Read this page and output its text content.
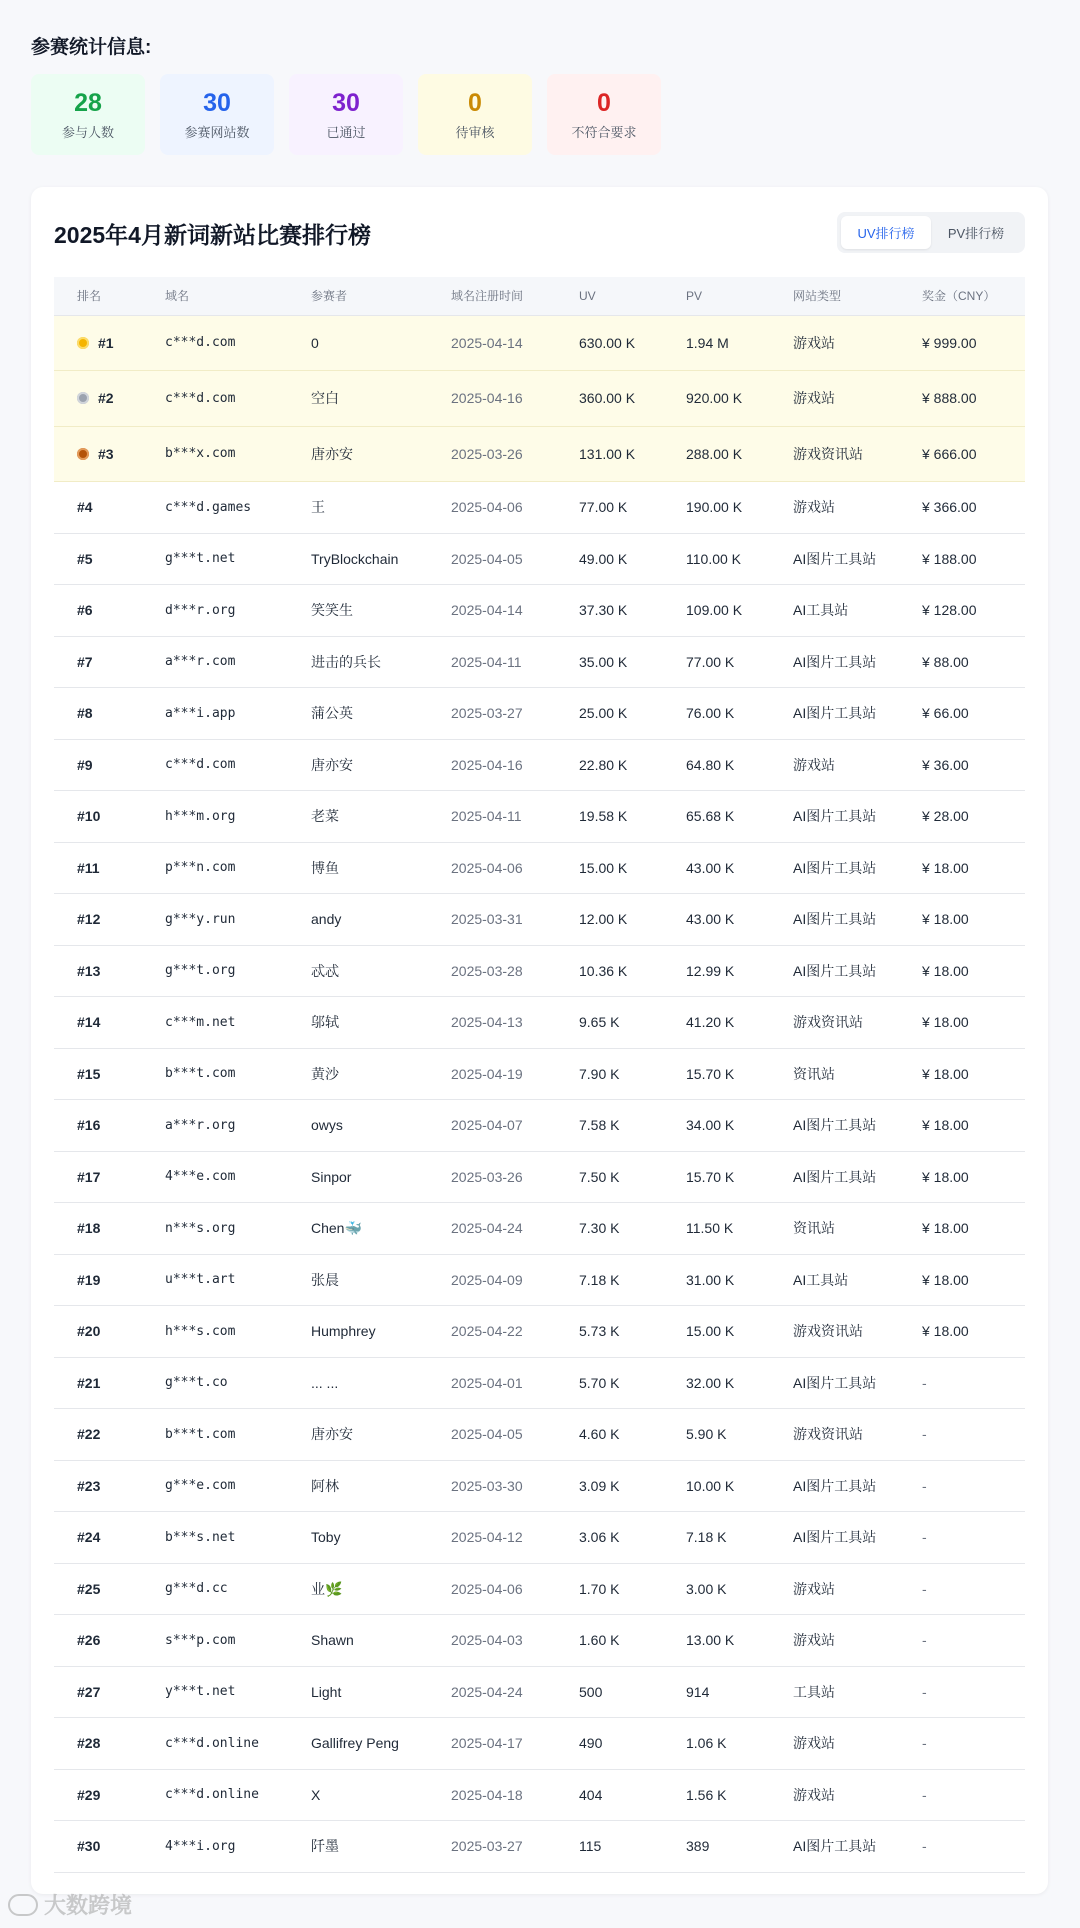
参赛统计信息:
28
参与人数
30
参赛网站数
30
已通过
0
待审核
0
不符合要求
2025年4月新词新站比赛排行榜	UV排行榜	PV排行榜
排名	域名	参赛者	域名注册时间	UV	PV	网站类型	奖金（CNY）
#1	c***d.com	0	2025-04-14	630.00 K	1.94 M	游戏站	¥ 999.00
#2	c***d.com	空白	2025-04-16	360.00 K	920.00 K	游戏站	¥ 888.00
#3	b***x.com	唐亦安	2025-03-26	131.00 K	288.00 K	游戏资讯站	¥ 666.00
#4	c***d.games	王	2025-04-06	77.00 K	190.00 K	游戏站	¥ 366.00
#5	g***t.net	TryBlockchain	2025-04-05	49.00 K	110.00 K	AI图片工具站	¥ 188.00
#6	d***r.org	笑笑生	2025-04-14	37.30 K	109.00 K	AI工具站	¥ 128.00
#7	a***r.com	进击的兵长	2025-04-11	35.00 K	77.00 K	AI图片工具站	¥ 88.00
#8	a***i.app	蒲公英	2025-03-27	25.00 K	76.00 K	AI图片工具站	¥ 66.00
#9	c***d.com	唐亦安	2025-04-16	22.80 K	64.80 K	游戏站	¥ 36.00
#10	h***m.org	老菜	2025-04-11	19.58 K	65.68 K	AI图片工具站	¥ 28.00
#11	p***n.com	博鱼	2025-04-06	15.00 K	43.00 K	AI图片工具站	¥ 18.00
#12	g***y.run	andy	2025-03-31	12.00 K	43.00 K	AI图片工具站	¥ 18.00
#13	g***t.org	忒忒	2025-03-28	10.36 K	12.99 K	AI图片工具站	¥ 18.00
#14	c***m.net	邬轼	2025-04-13	9.65 K	41.20 K	游戏资讯站	¥ 18.00
#15	b***t.com	黄沙	2025-04-19	7.90 K	15.70 K	资讯站	¥ 18.00
#16	a***r.org	owys	2025-04-07	7.58 K	34.00 K	AI图片工具站	¥ 18.00
#17	4***e.com	Sinpor	2025-03-26	7.50 K	15.70 K	AI图片工具站	¥ 18.00
#18	n***s.org	Chen🐳	2025-04-24	7.30 K	11.50 K	资讯站	¥ 18.00
#19	u***t.art	张晨	2025-04-09	7.18 K	31.00 K	AI工具站	¥ 18.00
#20	h***s.com	Humphrey	2025-04-22	5.73 K	15.00 K	游戏资讯站	¥ 18.00
#21	g***t.co	... ...	2025-04-01	5.70 K	32.00 K	AI图片工具站	-
#22	b***t.com	唐亦安	2025-04-05	4.60 K	5.90 K	游戏资讯站	-
#23	g***e.com	阿林	2025-03-30	3.09 K	10.00 K	AI图片工具站	-
#24	b***s.net	Toby	2025-04-12	3.06 K	7.18 K	AI图片工具站	-
#25	g***d.cc	业🌿	2025-04-06	1.70 K	3.00 K	游戏站	-
#26	s***p.com	Shawn	2025-04-03	1.60 K	13.00 K	游戏站	-
#27	y***t.net	Light	2025-04-24	500	914	工具站	-
#28	c***d.online	Gallifrey Peng	2025-04-17	490	1.06 K	游戏站	-
#29	c***d.online	X	2025-04-18	404	1.56 K	游戏站	-
#30	4***i.org	阡墨	2025-03-27	115	389	AI图片工具站	-
大数跨境
